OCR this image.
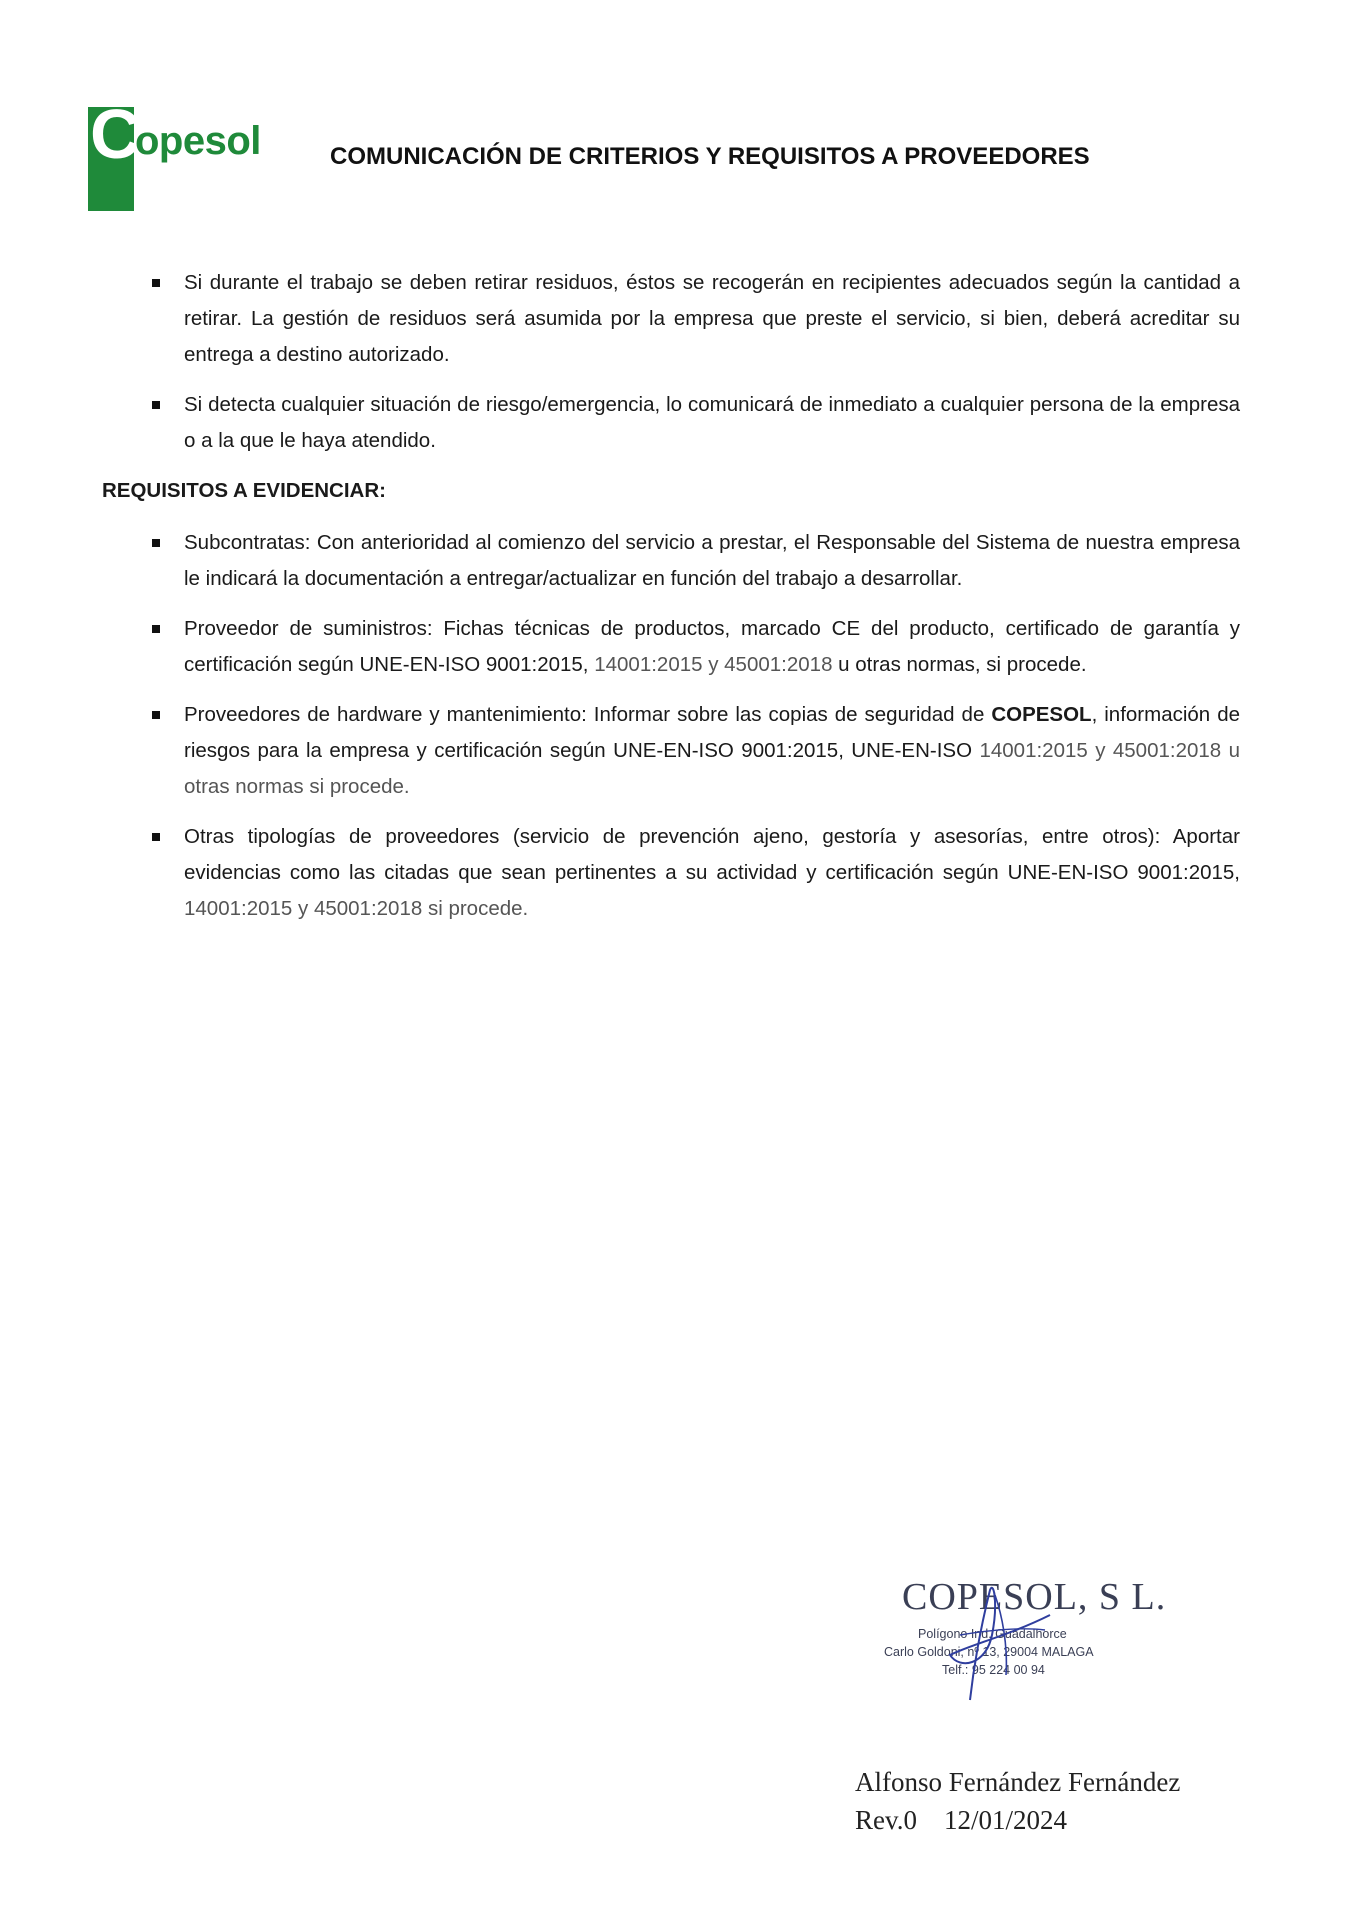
C
opesol	COMUNICACIÓN DE CRITERIOS Y REQUISITOS A PROVEEDORES
Si durante el trabajo se deben retirar residuos, éstos se recogerán en recipientes adecuados según la cantidad a retirar. La gestión de residuos será asumida por la empresa que preste el servicio, si bien, deberá acreditar su entrega a destino autorizado.
Si detecta cualquier situación de riesgo/emergencia, lo comunicará de inmediato a cualquier persona de la empresa o a la que le haya atendido.
REQUISITOS A EVIDENCIAR:
Subcontratas: Con anterioridad al comienzo del servicio a prestar, el Responsable del Sistema de nuestra empresa le indicará la documentación a entregar/actualizar en función del trabajo a desarrollar.
Proveedor de suministros: Fichas técnicas de productos, marcado CE del producto, certificado de garantía y certificación según UNE-EN-ISO 9001:2015, 14001:2015 y 45001:2018 u otras normas, si procede.
Proveedores de hardware y mantenimiento: Informar sobre las copias de seguridad de COPESOL, información de riesgos para la empresa y certificación según UNE-EN-ISO 9001:2015, UNE-EN-ISO 14001:2015 y 45001:2018 u otras normas si procede.
Otras tipologías de proveedores (servicio de prevención ajeno, gestoría y asesorías, entre otros): Aportar evidencias como las citadas que sean pertinentes a su actividad y certificación según UNE-EN-ISO 9001:2015, 14001:2015 y 45001:2018 si procede.
COPESOL, S L.
Polígono Ind. Guadalhorce
Carlo Goldoni, nº 13, 29004 MALAGA
Telf.: 95 224 00 94
Alfonso Fernández Fernández
Rev.0 12/01/2024
